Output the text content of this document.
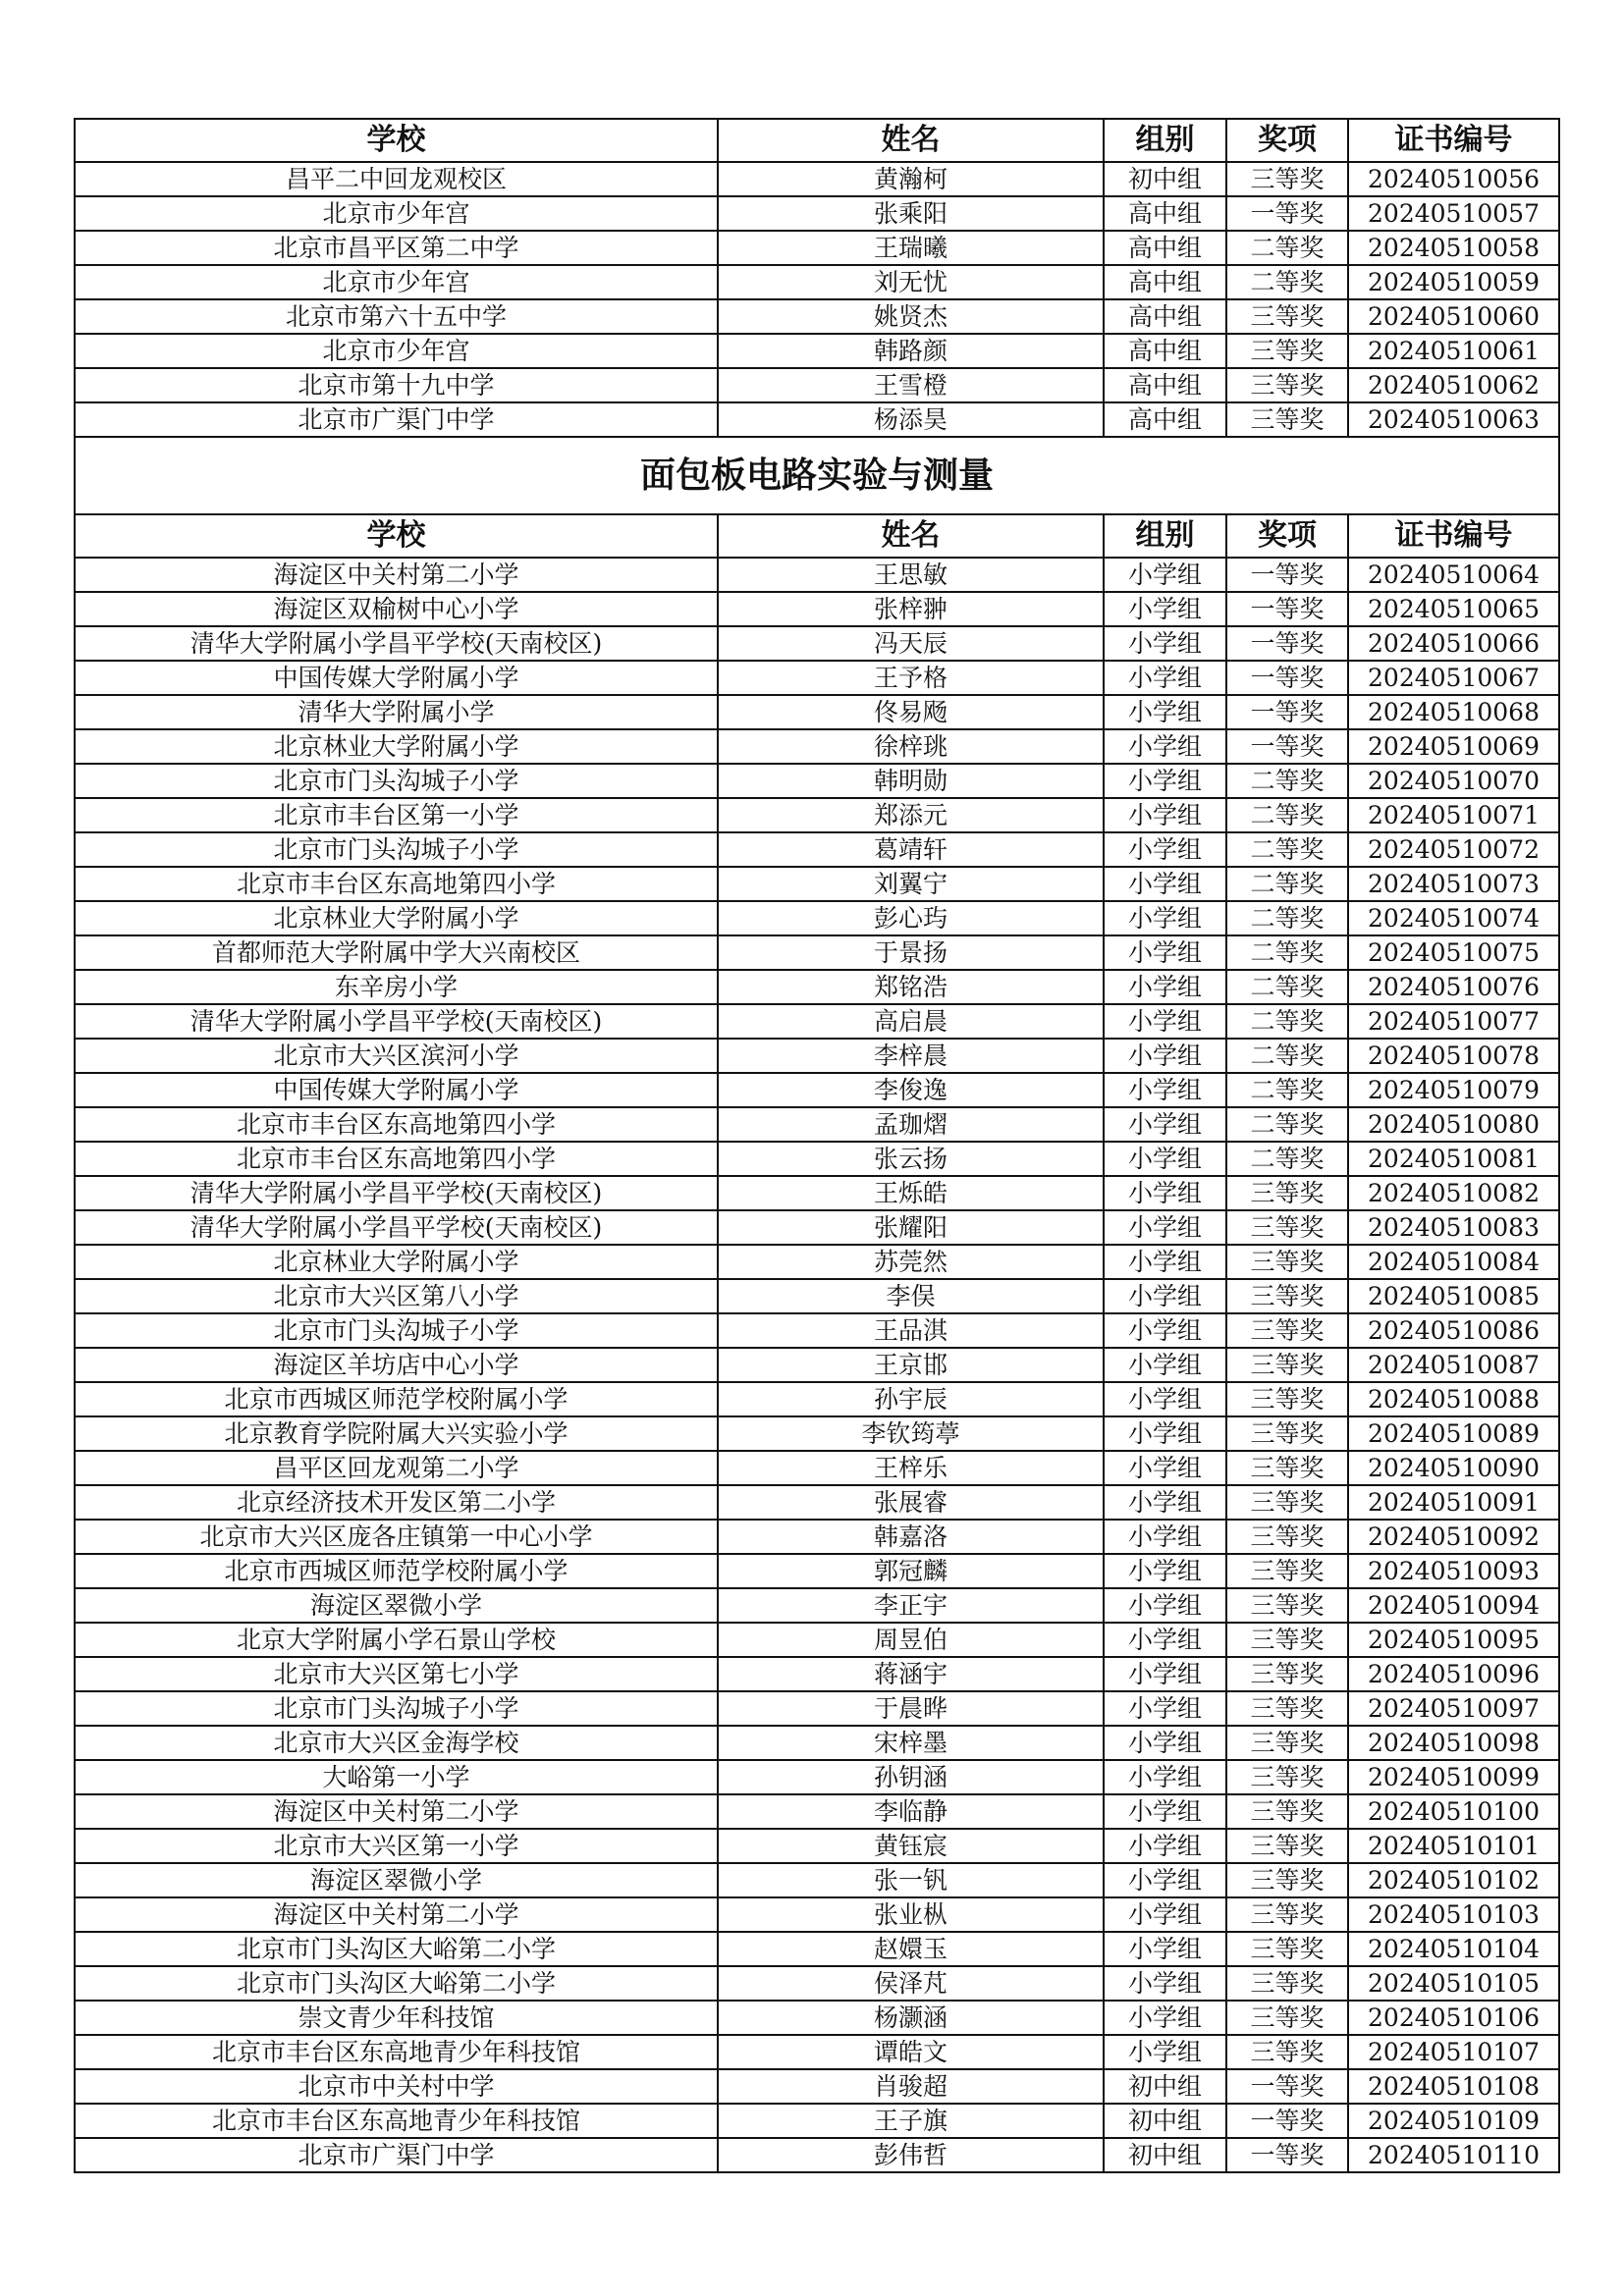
学校	姓名	组别	奖项	证书编号
昌平二中回龙观校区	黄瀚柯	初中组	三等奖	20240510056
北京市少年宫	张乘阳	高中组	一等奖	20240510057
北京市昌平区第二中学	王瑞曦	高中组	二等奖	20240510058
北京市少年宫	刘无忧	高中组	二等奖	20240510059
北京市第六十五中学	姚贤杰	高中组	三等奖	20240510060
北京市少年宫	韩路颜	高中组	三等奖	20240510061
北京市第十九中学	王雪橙	高中组	三等奖	20240510062
北京市广渠门中学	杨添昊	高中组	三等奖	20240510063
面包板电路实验与测量				
学校	姓名	组别	奖项	证书编号
海淀区中关村第二小学	王思敏	小学组	一等奖	20240510064
海淀区双榆树中心小学	张梓翀	小学组	一等奖	20240510065
清华大学附属小学昌平学校(天南校区)	冯天辰	小学组	一等奖	20240510066
中国传媒大学附属小学	王予格	小学组	一等奖	20240510067
清华大学附属小学	佟易飏	小学组	一等奖	20240510068
北京林业大学附属小学	徐梓珧	小学组	一等奖	20240510069
北京市门头沟城子小学	韩明勋	小学组	二等奖	20240510070
北京市丰台区第一小学	郑添元	小学组	二等奖	20240510071
北京市门头沟城子小学	葛靖轩	小学组	二等奖	20240510072
北京市丰台区东高地第四小学	刘翼宁	小学组	二等奖	20240510073
北京林业大学附属小学	彭心玙	小学组	二等奖	20240510074
首都师范大学附属中学大兴南校区	于景扬	小学组	二等奖	20240510075
东辛房小学	郑铭浩	小学组	二等奖	20240510076
清华大学附属小学昌平学校(天南校区)	高启晨	小学组	二等奖	20240510077
北京市大兴区滨河小学	李梓晨	小学组	二等奖	20240510078
中国传媒大学附属小学	李俊逸	小学组	二等奖	20240510079
北京市丰台区东高地第四小学	孟珈熠	小学组	二等奖	20240510080
北京市丰台区东高地第四小学	张云扬	小学组	二等奖	20240510081
清华大学附属小学昌平学校(天南校区)	王烁皓	小学组	三等奖	20240510082
清华大学附属小学昌平学校(天南校区)	张耀阳	小学组	三等奖	20240510083
北京林业大学附属小学	苏莞然	小学组	三等奖	20240510084
北京市大兴区第八小学	李俣	小学组	三等奖	20240510085
北京市门头沟城子小学	王品淇	小学组	三等奖	20240510086
海淀区羊坊店中心小学	王京邯	小学组	三等奖	20240510087
北京市西城区师范学校附属小学	孙宇辰	小学组	三等奖	20240510088
北京教育学院附属大兴实验小学	李钦筠葶	小学组	三等奖	20240510089
昌平区回龙观第二小学	王梓乐	小学组	三等奖	20240510090
北京经济技术开发区第二小学	张展睿	小学组	三等奖	20240510091
北京市大兴区庞各庄镇第一中心小学	韩嘉洛	小学组	三等奖	20240510092
北京市西城区师范学校附属小学	郭冠麟	小学组	三等奖	20240510093
海淀区翠微小学	李正宇	小学组	三等奖	20240510094
北京大学附属小学石景山学校	周昱伯	小学组	三等奖	20240510095
北京市大兴区第七小学	蒋涵宇	小学组	三等奖	20240510096
北京市门头沟城子小学	于晨晔	小学组	三等奖	20240510097
北京市大兴区金海学校	宋梓墨	小学组	三等奖	20240510098
大峪第一小学	孙钥涵	小学组	三等奖	20240510099
海淀区中关村第二小学	李临静	小学组	三等奖	20240510100
北京市大兴区第一小学	黄钰宸	小学组	三等奖	20240510101
海淀区翠微小学	张一钒	小学组	三等奖	20240510102
海淀区中关村第二小学	张业枞	小学组	三等奖	20240510103
北京市门头沟区大峪第二小学	赵嬛玉	小学组	三等奖	20240510104
北京市门头沟区大峪第二小学	侯泽芃	小学组	三等奖	20240510105
崇文青少年科技馆	杨灏涵	小学组	三等奖	20240510106
北京市丰台区东高地青少年科技馆	谭皓文	小学组	三等奖	20240510107
北京市中关村中学	肖骏超	初中组	一等奖	20240510108
北京市丰台区东高地青少年科技馆	王子旗	初中组	一等奖	20240510109
北京市广渠门中学	彭伟哲	初中组	一等奖	20240510110
